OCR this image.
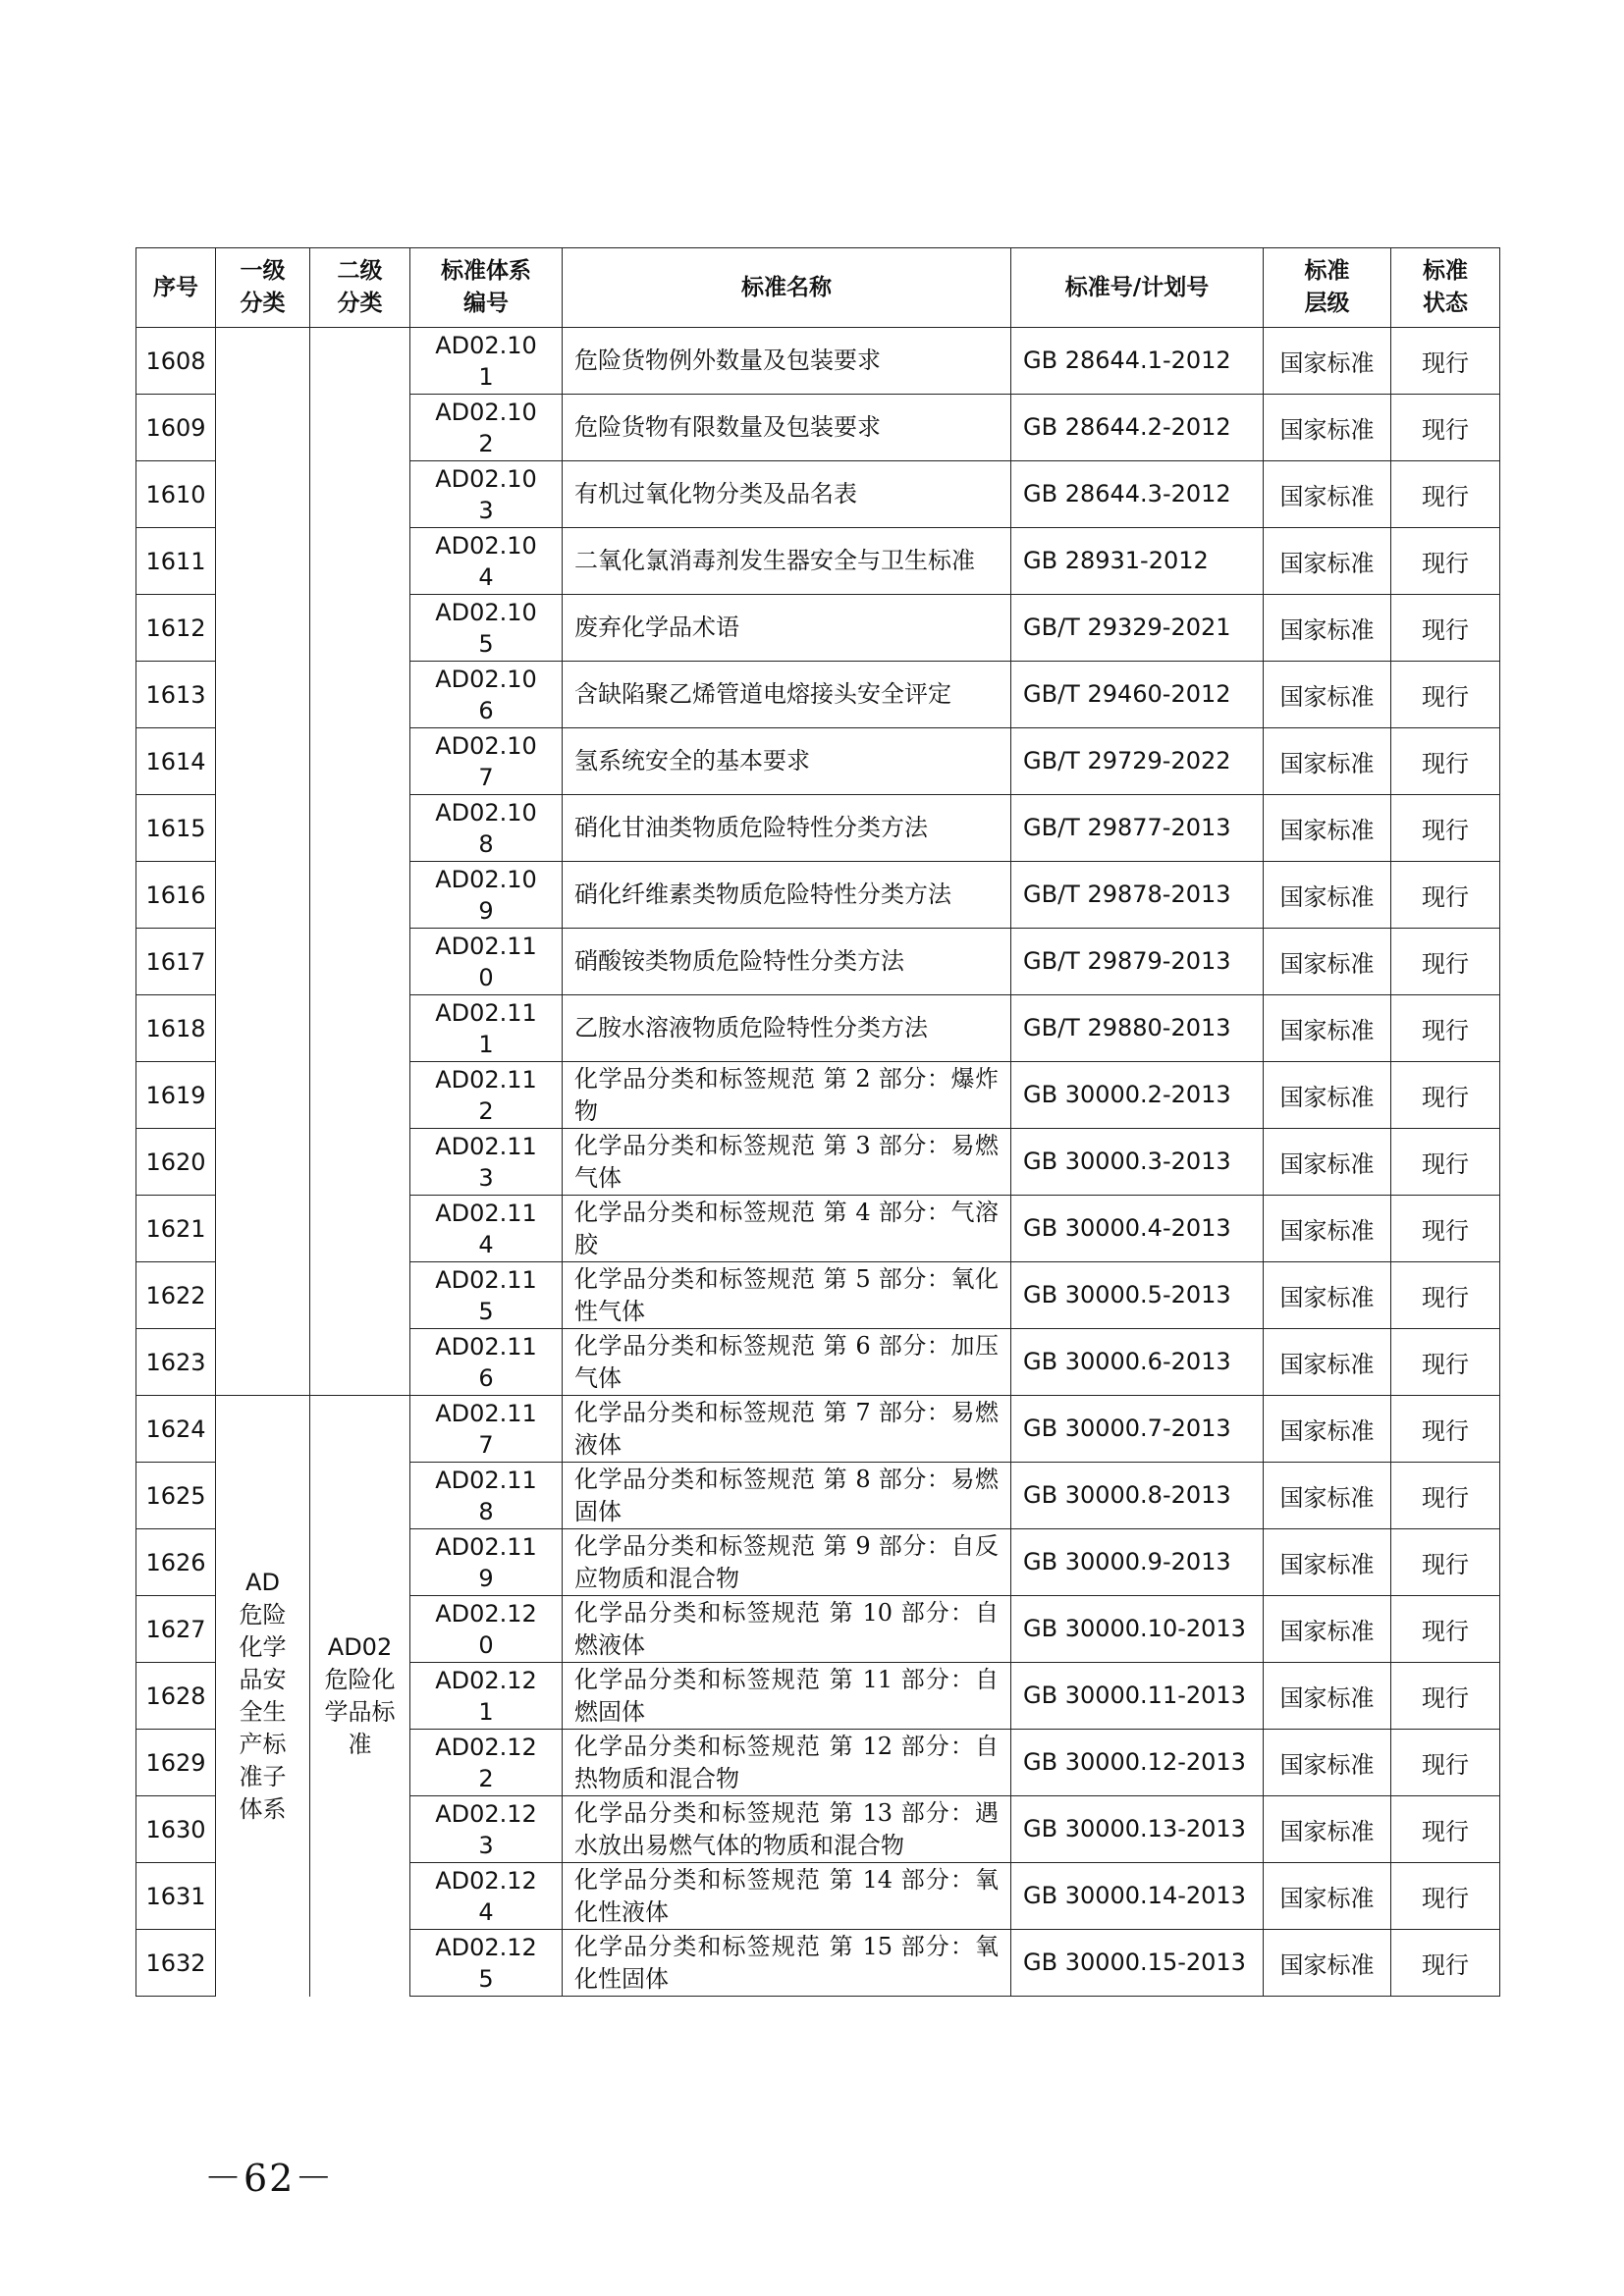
序号	一级分类	二级分类	标准体系编号	标准名称	标准号/计划号	标准层级	标准状态

1608			AD02.101	危险货物例外数量及包装要求	GB 28644.1-2012	国家标准	现行
1609			AD02.102	危险货物有限数量及包装要求	GB 28644.2-2012	国家标准	现行
1610			AD02.103	有机过氧化物分类及品名表	GB 28644.3-2012	国家标准	现行
1611			AD02.104	二氧化氯消毒剂发生器安全与卫生标准	GB 28931-2012	国家标准	现行
1612			AD02.105	废弃化学品术语	GB/T 29329-2021	国家标准	现行
1613			AD02.106	含缺陷聚乙烯管道电熔接头安全评定	GB/T 29460-2012	国家标准	现行
1614			AD02.107	氢系统安全的基本要求	GB/T 29729-2022	国家标准	现行
1615			AD02.108	硝化甘油类物质危险特性分类方法	GB/T 29877-2013	国家标准	现行
1616			AD02.109	硝化纤维素类物质危险特性分类方法	GB/T 29878-2013	国家标准	现行
1617			AD02.110	硝酸铵类物质危险特性分类方法	GB/T 29879-2013	国家标准	现行
1618			AD02.111	乙胺水溶液物质危险特性分类方法	GB/T 29880-2013	国家标准	现行
1619			AD02.112	化学品分类和标签规范 第 2 部分：爆炸物	GB 30000.2-2013	国家标准	现行
1620			AD02.113	化学品分类和标签规范 第 3 部分：易燃气体	GB 30000.3-2013	国家标准	现行
1621			AD02.114	化学品分类和标签规范 第 4 部分：气溶胶	GB 30000.4-2013	国家标准	现行
1622			AD02.115	化学品分类和标签规范 第 5 部分：氧化性气体	GB 30000.5-2013	国家标准	现行
1623			AD02.116	化学品分类和标签规范 第 6 部分：加压气体	GB 30000.6-2013	国家标准	现行
1624	AD危险化学品安全生产标准子体系	AD02危险化学品标准	AD02.117	化学品分类和标签规范 第 7 部分：易燃液体	GB 30000.7-2013	国家标准	现行
1625			AD02.118	化学品分类和标签规范 第 8 部分：易燃固体	GB 30000.8-2013	国家标准	现行
1626			AD02.119	化学品分类和标签规范 第 9 部分：自反应物质和混合物	GB 30000.9-2013	国家标准	现行
1627			AD02.120	化学品分类和标签规范 第 10 部分：自燃液体	GB 30000.10-2013	国家标准	现行
1628			AD02.121	化学品分类和标签规范 第 11 部分：自燃固体	GB 30000.11-2013	国家标准	现行
1629			AD02.122	化学品分类和标签规范 第 12 部分：自热物质和混合物	GB 30000.12-2013	国家标准	现行
1630			AD02.123	化学品分类和标签规范 第 13 部分：遇水放出易燃气体的物质和混合物	GB 30000.13-2013	国家标准	现行
1631			AD02.124	化学品分类和标签规范 第 14 部分：氧化性液体	GB 30000.14-2013	国家标准	现行
1632			AD02.125	化学品分类和标签规范 第 15 部分：氧化性固体	GB 30000.15-2013	国家标准	现行
－62－
